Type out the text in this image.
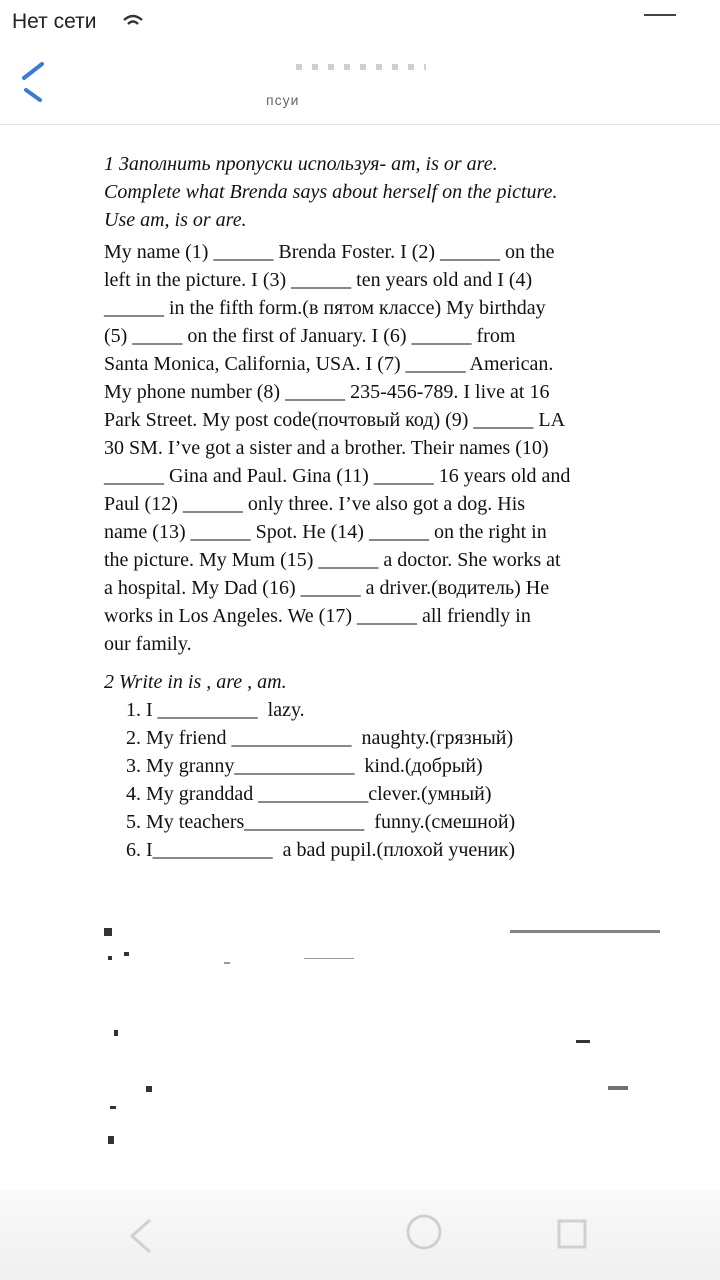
Нет сети
псуи
1 Заполнить пропуски используя- am, is or are.
Complete what Brenda says about herself on the picture.
Use am, is or are.
My name (1) ______ Brenda Foster. I (2) ______ on the
left in the picture. I (3) ______ ten years old and I (4)
______ in the fifth form.(в пятом классе) My birthday
(5) _____ on the first of January. I (6) ______ from
Santa Monica, California, USA. I (7) ______ American.
My phone number (8) ______ 235-456-789. I live at 16
Park Street. My post code(почтовый код) (9) ______ LA
30 SM. I’ve got a sister and a brother. Their names (10)
______ Gina and Paul. Gina (11) ______ 16 years old and
Paul (12) ______ only three. I’ve also got a dog. His
name (13) ______ Spot. He (14) ______ on the right in
the picture. My Mum (15) ______ a doctor. She works at
a hospital. My Dad (16) ______ a driver.(водитель) He
works in Los Angeles. We (17) ______ all friendly in
our family.
2 Write in is , are , am.
1. I __________  lazy.
2. My friend ____________  naughty.(грязный)
3. My granny____________  kind.(добрый)
4. My granddad ___________clever.(умный)
5. My teachers____________  funny.(смешной)
6. I____________  a bad pupil.(плохой ученик)
